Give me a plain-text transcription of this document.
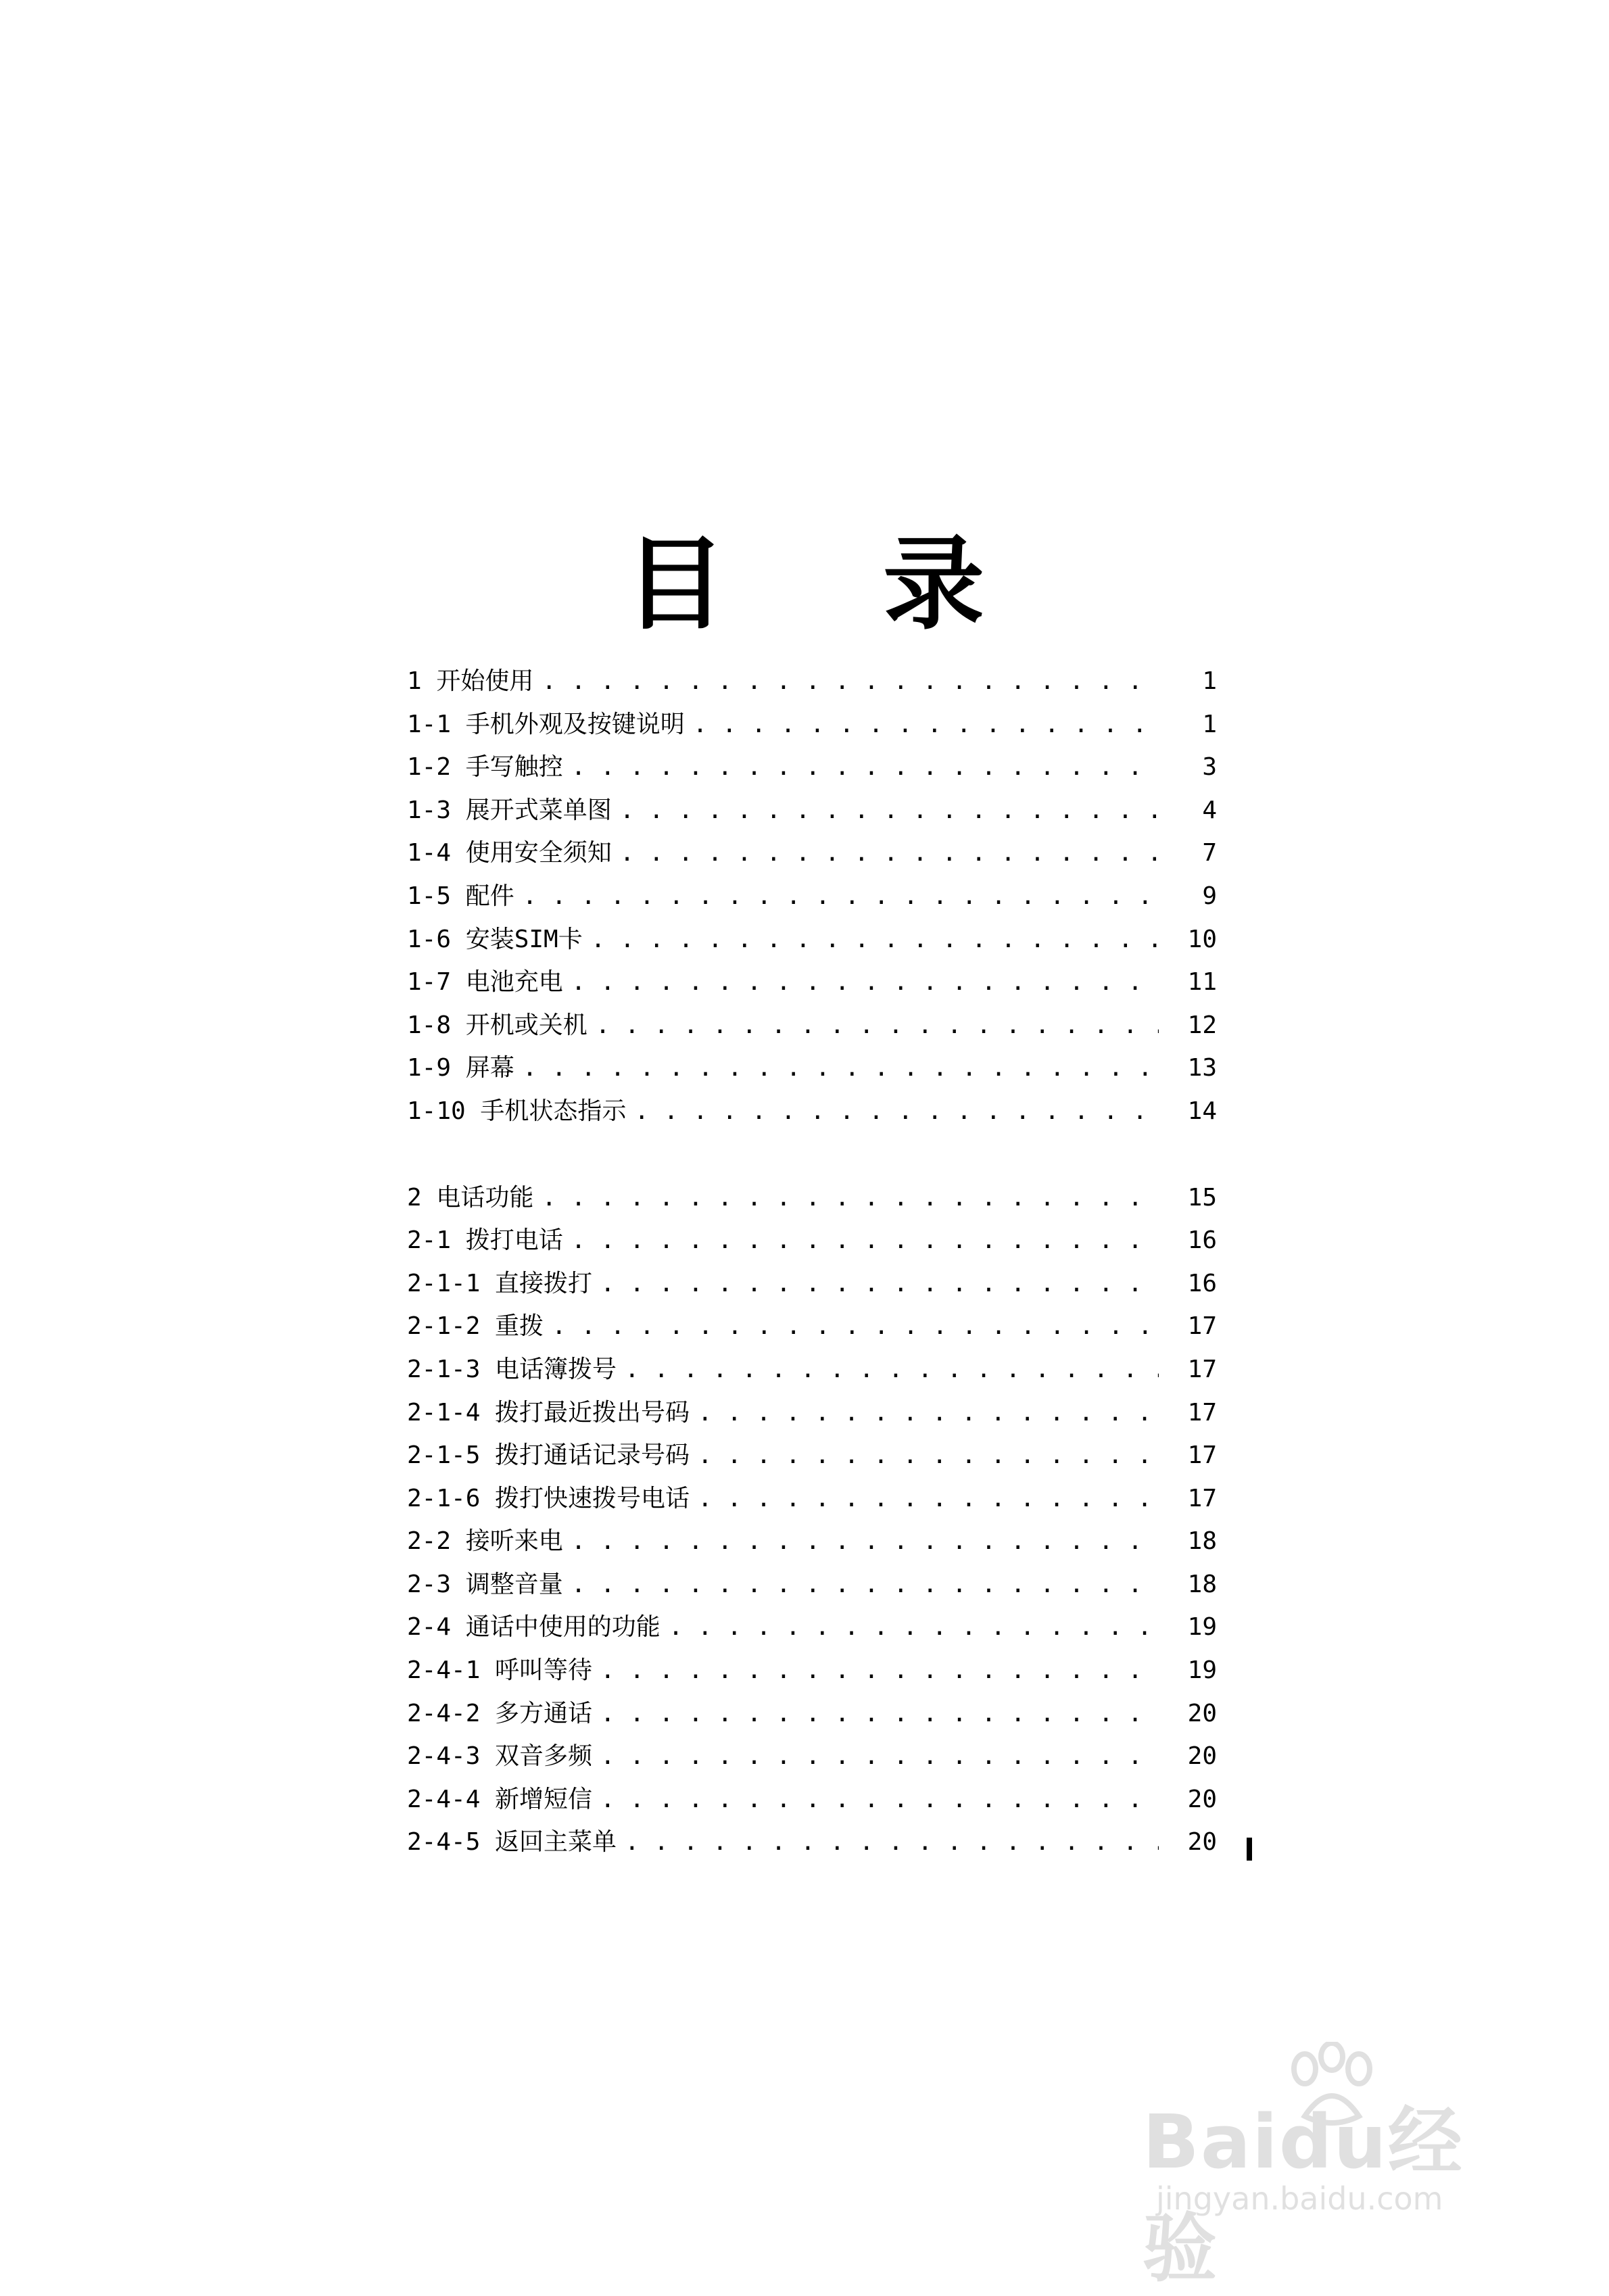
目 录
1 开始使用 . . .	1
1-1 手机外观及按键说明 . . .	1
1-2 手写触控 . . .	3
1-3 展开式菜单图 . . .	4
1-4 使用安全须知 . . .	7
1-5 配件 . . .	9
1-6 安装SIM卡 . . .	10
1-7 电池充电 . . .	11
1-8 开机或关机 . . .	12
1-9 屏幕 . . .	13
1-10 手机状态指示 . . .	14
2 电话功能 . . .	15
2-1 拨打电话 . . .	16
2-1-1 直接拨打 . . .	16
2-1-2 重拨 . . .	17
2-1-3 电话簿拨号 . . .	17
2-1-4 拨打最近拨出号码 . . .	17
2-1-5 拨打通话记录号码 . . .	17
2-1-6 拨打快速拨号电话 . . .	17
2-2 接听来电 . . .	18
2-3 调整音量 . . .	18
2-4 通话中使用的功能 . . .	19
2-4-1 呼叫等待 . . .	19
2-4-2 多方通话 . . .	20
2-4-3 双音多频 . . .	20
2-4-4 新增短信 . . .	20
2-4-5 返回主菜单 . . .	20
Baidu经验
jingyan.baidu.com
